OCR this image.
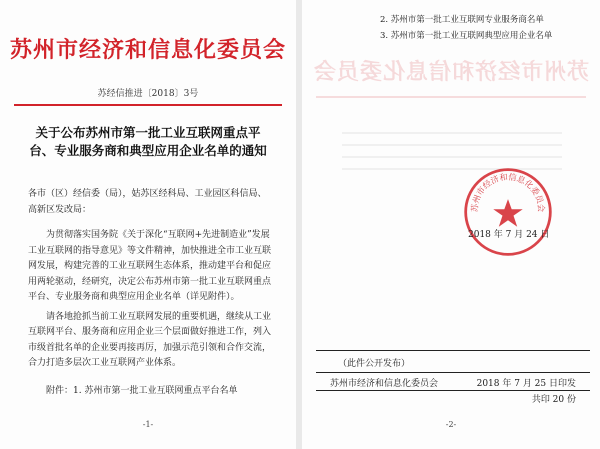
苏州市经济和信息化委员会
苏经信推进〔2018〕3号
关于公布苏州市第一批工业互联网重点平
台、专业服务商和典型应用企业名单的通知
各市（区）经信委（局），姑苏区经科局、工业园区科信局、
高新区发改局：

为贯彻落实国务院《关于深化“互联网+先进制造业”发展工业互联网的指导意见》等文件精神，加快推进全市工业互联网发展，构建完善的工业互联网生态体系，推动建平台和促应用两轮驱动，经研究，决定公布苏州市第一批工业互联网重点平台、专业服务商和典型应用企业名单（详见附件）。

请各地抢抓当前工业互联网发展的重要机遇，继续从工业互联网平台、服务商和应用企业三个层面做好推进工作，列入市级首批名单的企业要再接再厉，加强示范引领和合作交流，合力打造多层次工业互联网产业体系。

附件：1. 苏州市第一批工业互联网重点平台名单
-1-
2. 苏州市第一批工业互联网专业服务商名单
3. 苏州市第一批工业互联网典型应用企业名单
苏州市经济和信息化委员会
苏州市经济和信息化委员会
2018 年 7 月 24 日
（此件公开发布）
苏州市经济和信息化委员会	2018 年 7 月 25 日印发
共印 20 份
-2-
